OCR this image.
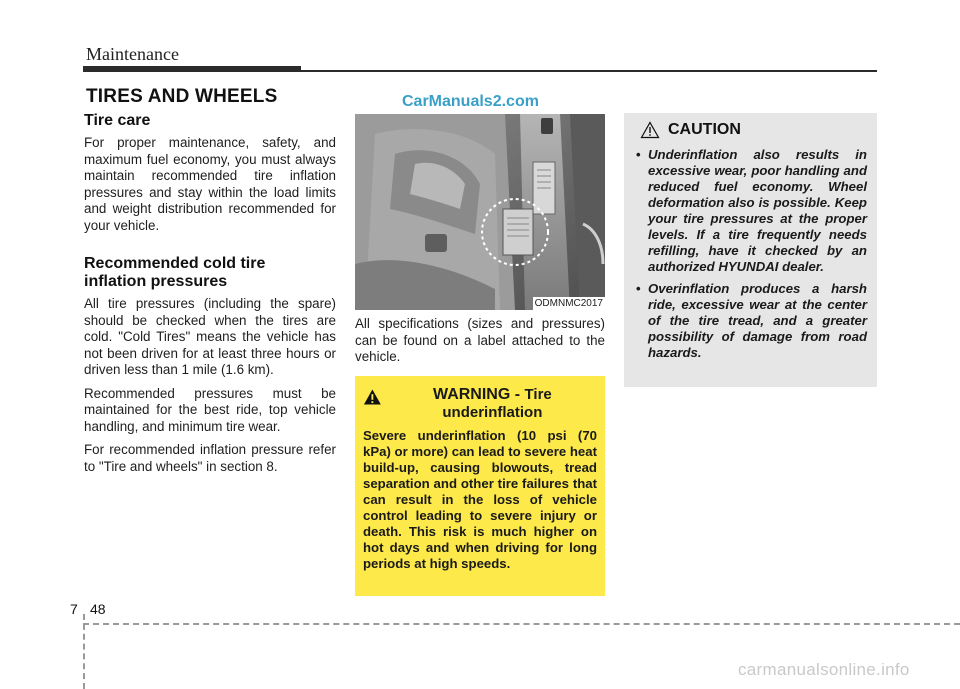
Maintenance
TIRES AND WHEELS	CarManuals2.com
Tire care
For proper maintenance, safety, and maximum fuel economy, you must always maintain recommended tire inflation pressures and stay within the load limits and weight distribution recommended for your vehicle.
Recommended cold tire inflation pressures
All tire pressures (including the spare) should be checked when the tires are cold. "Cold Tires" means the vehicle has not been driven for at least three hours or driven less than 1 mile (1.6 km).
Recommended pressures must be maintained for the best ride, top vehicle handling, and minimum tire wear.
For recommended inflation pressure refer to "Tire and wheels" in section 8.
ODMNMC2017
All specifications (sizes and pressures) can be found on a label attached to the vehicle.
WARNING - Tire underinflation
Severe underinflation (10 psi (70 kPa) or more) can lead to severe heat build-up, causing blowouts, tread separation and other tire failures that can result in the loss of vehicle control leading to severe injury or death. This risk is much higher on hot days and when driving for long periods at high speeds.
CAUTION
• Underinflation also results in excessive wear, poor handling and reduced fuel economy. Wheel deformation also is possible. Keep your tire pressures at the proper levels. If a tire frequently needs refilling, have it checked by an authorized HYUNDAI dealer.
• Overinflation produces a harsh ride, excessive wear at the center of the tire tread, and a greater possibility of damage from road hazards.
7 48
carmanualsonline.info
